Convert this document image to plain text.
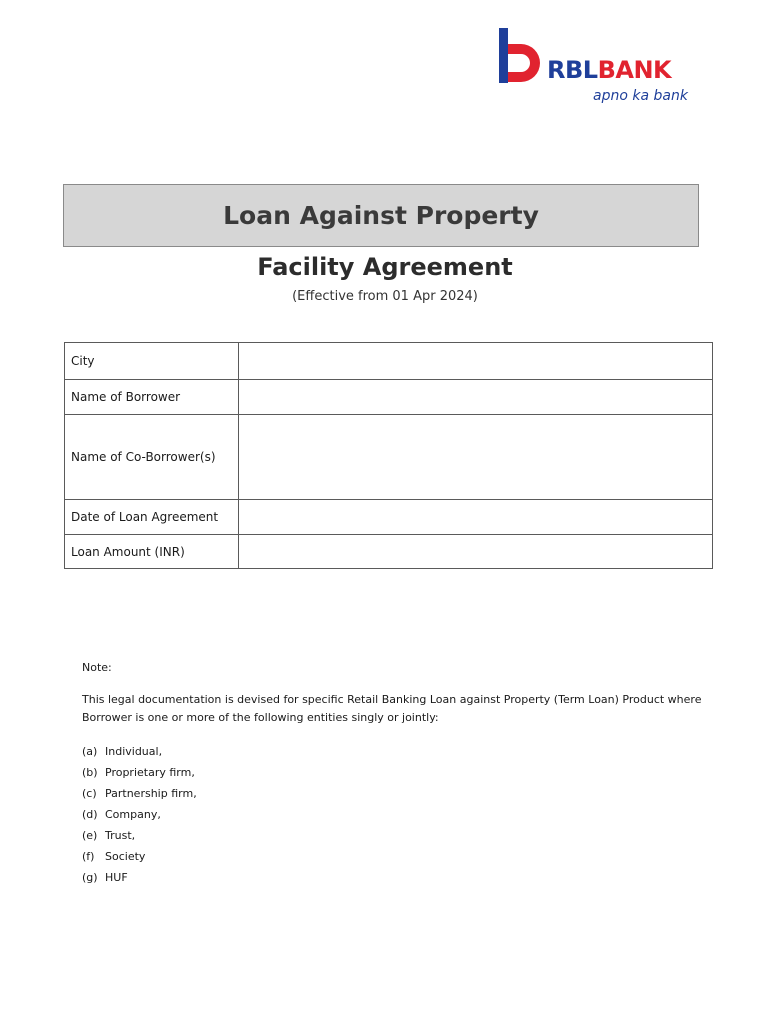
RBLBANK
apno ka bank
Loan Against Property
Facility Agreement
(Effective from 01 Apr 2024)
City	
Name of Borrower	
Name of Co-Borrower(s)	
Date of Loan Agreement	
Loan Amount (INR)	
Note:
This legal documentation is devised for specific Retail Banking Loan against Property (Term Loan) Product where Borrower is one or more of the following entities singly or jointly:
(a) Individual,
(b) Proprietary firm,
(c) Partnership firm,
(d) Company,
(e) Trust,
(f) Society
(g) HUF
